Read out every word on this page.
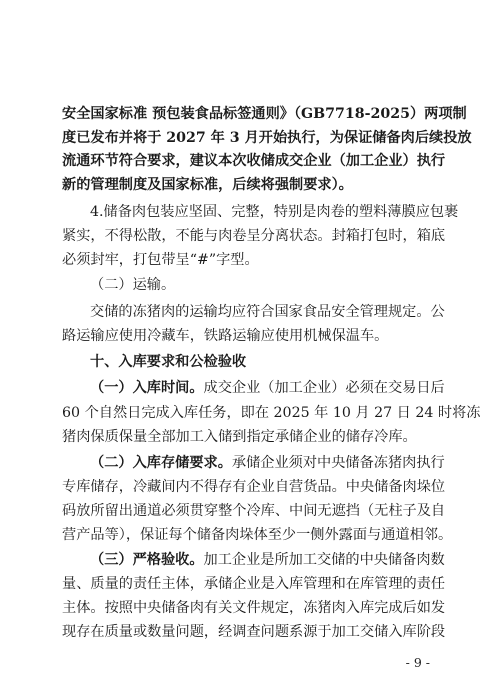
安全国家标准 预包装食品标签通则》（GB7718-2025）两项制
度已发布并将于 2027 年 3 月开始执行，为保证储备肉后续投放
流通环节符合要求，建议本次收储成交企业（加工企业）执行
新的管理制度及国家标准，后续将强制要求）。
4.储备肉包装应坚固、完整，特别是肉卷的塑料薄膜应包裹
紧实，不得松散，不能与肉卷呈分离状态。封箱打包时，箱底
必须封牢，打包带呈“#”字型。
（二）运输。
交储的冻猪肉的运输均应符合国家食品安全管理规定。公
路运输应使用冷藏车，铁路运输应使用机械保温车。
十、入库要求和公检验收
（一）入库时间。成交企业（加工企业）必须在交易日后
60 个自然日完成入库任务，即在 2025 年 10 月 27 日 24 时将冻
猪肉保质保量全部加工入储到指定承储企业的储存冷库。
（二）入库存储要求。承储企业须对中央储备冻猪肉执行
专库储存，冷藏间内不得存有企业自营货品。中央储备肉垛位
码放所留出通道必须贯穿整个冷库、中间无遮挡（无柱子及自
营产品等），保证每个储备肉垛体至少一侧外露面与通道相邻。
（三）严格验收。加工企业是所加工交储的中央储备肉数
量、质量的责任主体，承储企业是入库管理和在库管理的责任
主体。按照中央储备肉有关文件规定，冻猪肉入库完成后如发
现存在质量或数量问题，经调查问题系源于加工交储入库阶段
- 9 -
